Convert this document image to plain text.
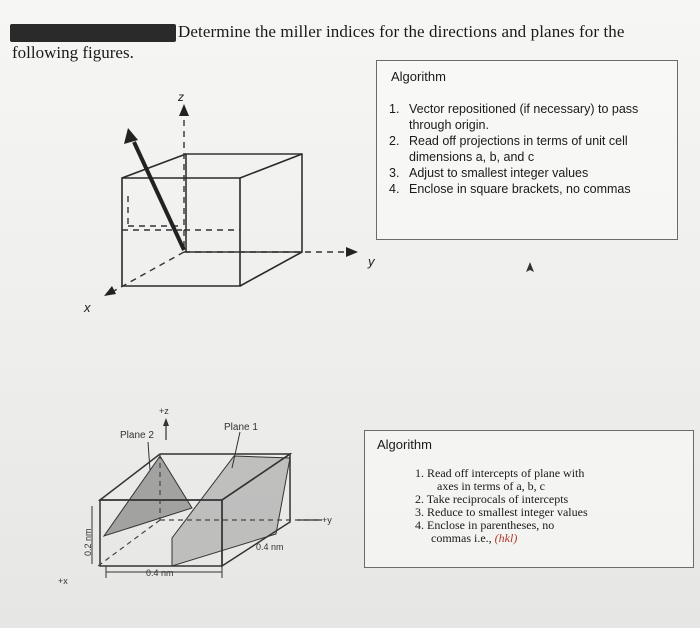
Determine the miller indices for the directions and planes for the
following figures.
z
y
x
+z
+y
+x
Plane 1
Plane 2
0.2 nm
0.4 nm
0.4 nm
Algorithm
1. Vector repositioned (if necessary) to pass
through origin.
2. Read off projections in terms of unit cell
dimensions a, b, and c
3. Adjust to smallest integer values
4. Enclose in square brackets, no commas
Algorithm
1. Read off intercepts of plane with
axes in terms of a, b, c
2. Take reciprocals of intercepts
3. Reduce to smallest integer values
4. Enclose in parentheses, no
commas i.e., (hkl)
